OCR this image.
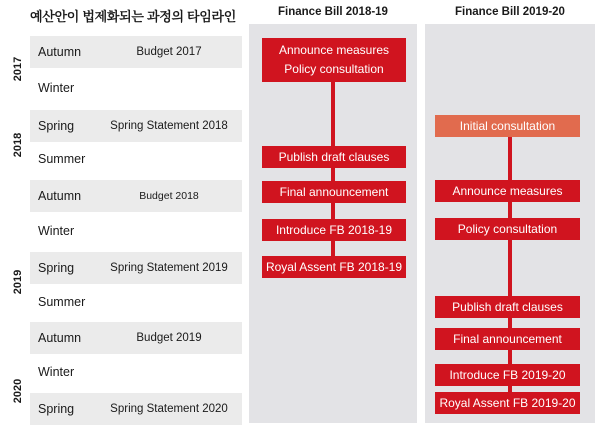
예산안이 법제화되는 과정의 타임라인	Finance Bill 2018-19	Finance Bill 2019-20
2017
2018
2019
2020
Autumn	Budget 2017
Winter
Spring	Spring Statement 2018
Summer
Autumn	Budget 2018
Winter
Spring	Spring Statement 2019
Summer
Autumn	Budget 2019
Winter
Spring	Spring Statement 2020
Announce measures
Policy consultation
Publish draft clauses
Final announcement
Introduce FB 2018-19
Royal Assent FB 2018-19
Initial consultation
Announce measures
Policy consultation
Publish draft clauses
Final announcement
Introduce FB 2019-20
Royal Assent FB 2019-20
